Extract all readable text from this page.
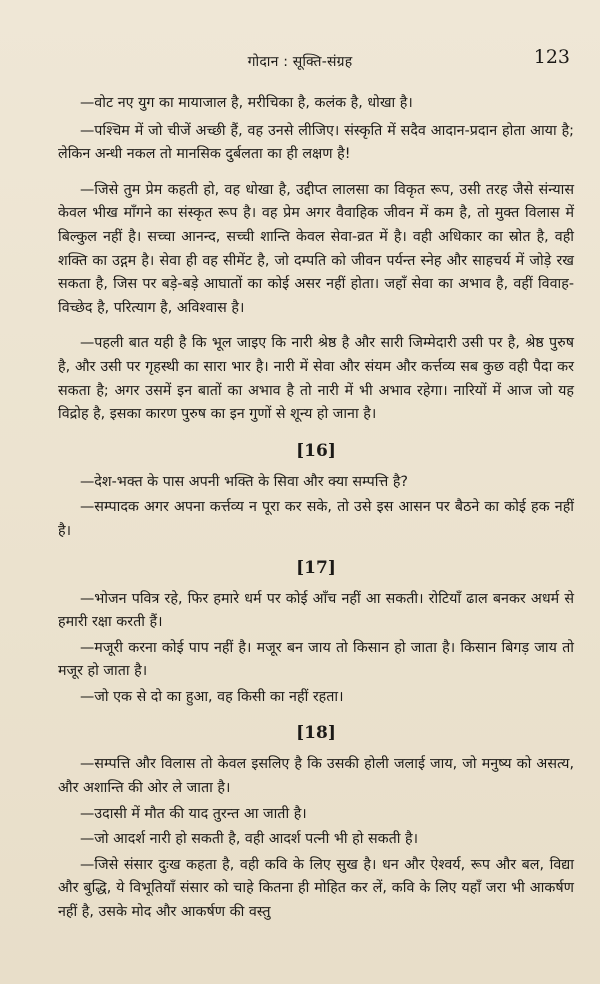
गोदान : सूक्ति-संग्रह	123

—वोट नए युग का मायाजाल है, मरीचिका है, कलंक है, धोखा है।

—पश्चिम में जो चीजें अच्छी हैं, वह उनसे लीजिए। संस्कृति में सदैव आदान-प्रदान होता आया है; लेकिन अन्धी नकल तो मानसिक दुर्बलता का ही लक्षण है!

—जिसे तुम प्रेम कहती हो, वह धोखा है, उद्दीप्त लालसा का विकृत रूप, उसी तरह जैसे संन्यास केवल भीख माँगने का संस्कृत रूप है। वह प्रेम अगर वैवाहिक जीवन में कम है, तो मुक्त विलास में बिल्कुल नहीं है। सच्चा आनन्द, सच्ची शान्ति केवल सेवा-व्रत में है। वही अधिकार का स्रोत है, वही शक्ति का उद्गम है। सेवा ही वह सीमेंट है, जो दम्पति को जीवन पर्यन्त स्नेह और साहचर्य में जोड़े रख सकता है, जिस पर बड़े-बड़े आघातों का कोई असर नहीं होता। जहाँ सेवा का अभाव है, वहीं विवाह-विच्छेद है, परित्याग है, अविश्वास है।

—पहली बात यही है कि भूल जाइए कि नारी श्रेष्ठ है और सारी जिम्मेदारी उसी पर है, श्रेष्ठ पुरुष है, और उसी पर गृहस्थी का सारा भार है। नारी में सेवा और संयम और कर्त्तव्य सब कुछ वही पैदा कर सकता है; अगर उसमें इन बातों का अभाव है तो नारी में भी अभाव रहेगा। नारियों में आज जो यह विद्रोह है, इसका कारण पुरुष का इन गुणों से शून्य हो जाना है।

[16]

—देश-भक्त के पास अपनी भक्ति के सिवा और क्या सम्पत्ति है?

—सम्पादक अगर अपना कर्त्तव्य न पूरा कर सके, तो उसे इस आसन पर बैठने का कोई हक नहीं है।

[17]

—भोजन पवित्र रहे, फिर हमारे धर्म पर कोई आँच नहीं आ सकती। रोटियाँ ढाल बनकर अधर्म से हमारी रक्षा करती हैं।

—मजूरी करना कोई पाप नहीं है। मजूर बन जाय तो किसान हो जाता है। किसान बिगड़ जाय तो मजूर हो जाता है।

—जो एक से दो का हुआ, वह किसी का नहीं रहता।

[18]

—सम्पत्ति और विलास तो केवल इसलिए है कि उसकी होली जलाई जाय, जो मनुष्य को असत्य, और अशान्ति की ओर ले जाता है।

—उदासी में मौत की याद तुरन्त आ जाती है।

—जो आदर्श नारी हो सकती है, वही आदर्श पत्नी भी हो सकती है।

—जिसे संसार दुःख कहता है, वही कवि के लिए सुख है। धन और ऐश्वर्य, रूप और बल, विद्या और बुद्धि, ये विभूतियाँ संसार को चाहे कितना ही मोहित कर लें, कवि के लिए यहाँ जरा भी आकर्षण नहीं है, उसके मोद और आकर्षण की वस्तु
